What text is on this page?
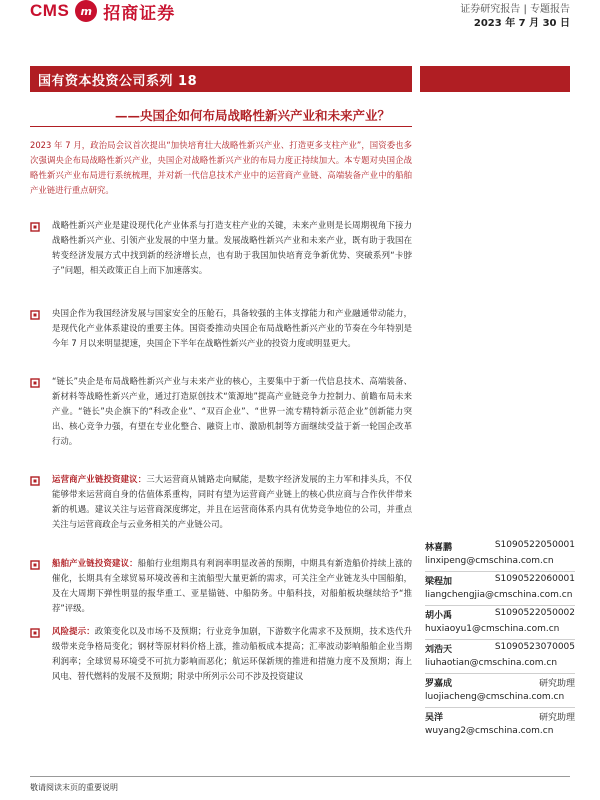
CMS	m 招商证券	证券研究报告 | 专题报告
2023 年 7 月 30 日
国有资本投资公司系列 18
——央国企如何布局战略性新兴产业和未来产业？
2023 年 7 月，政治局会议首次提出“加快培育壮大战略性新兴产业、打造更多支柱产业”，国资委也多次强调央企布局战略性新兴产业，央国企对战略性新兴产业的布局力度正持续加大。本专题对央国企战略性新兴产业布局进行系统梳理，并对新一代信息技术产业中的运营商产业链、高端装备产业中的船舶产业链进行重点研究。
战略性新兴产业是建设现代化产业体系与打造支柱产业的关键，未来产业则是长周期视角下接力战略性新兴产业、引领产业发展的中坚力量。发展战略性新兴产业和未来产业，既有助于我国在转变经济发展方式中找到新的经济增长点，也有助于我国加快培育竞争新优势、突破系列“卡脖子”问题，相关政策正自上而下加速落实。
央国企作为我国经济发展与国家安全的压舱石，具备较强的主体支撑能力和产业融通带动能力，是现代化产业体系建设的重要主体。国资委推动央国企布局战略性新兴产业的节奏在今年特别是今年 7 月以来明显提速，央国企下半年在战略性新兴产业的投资力度或明显更大。
“链长”央企是布局战略性新兴产业与未来产业的核心，主要集中于新一代信息技术、高端装备、新材料等战略性新兴产业，通过打造原创技术“策源地”提高产业链竞争力控制力、前瞻布局未来产业。“链长”央企旗下的“科改企业”、“双百企业”、“世界一流专精特新示范企业”创新能力突出、核心竞争力强，有望在专业化整合、融资上市、激励机制等方面继续受益于新一轮国企改革行动。
运营商产业链投资建议：三大运营商从铺路走向赋能，是数字经济发展的主力军和排头兵，不仅能够带来运营商自身的估值体系重构，同时有望为运营商产业链上的核心供应商与合作伙伴带来新的机遇。建议关注与运营商深度绑定，并且在运营商体系内具有优势竞争地位的公司，并重点关注与运营商政企与云业务相关的产业链公司。
船舶产业链投资建议：船舶行业组期具有利润率明显改善的预期，中期具有新造船价持续上涨的催化，长期具有全球贸易环境改善和主流船型大量更新的需求，可关注全产业链龙头中国船舶，及在大周期下弹性明显的报华重工、亚星锚链、中船防务。中船科技，对船舶板块继续给予“推荐”评级。
风险提示：政策变化以及市场不及预期；行业竞争加剧，下游数字化需求不及预期，技术迭代升级带来竞争格局变化；钢材等原材料价格上涨，推动船板成本提高；汇率波动影响船舶企业当期利润率；全球贸易环境受不可抗力影响而恶化；航运环保新规的推进和措施力度不及预期；海上风电、替代燃料的发展不及预期；附录中所列示公司不涉及投资建议
林喜鹏	S1090522050001
linxipeng@cmschina.com.cn
梁程加	S1090522060001
liangchengjia@cmschina.com.cn
胡小禹	S1090522050002
huxiaoyu1@cmschina.com.cn
刘浩天	S1090523070005
liuhaotian@cmschina.com.cn
罗嘉成	研究助理
luojiacheng@cmschina.com.cn
吴洋	研究助理
wuyang2@cmschina.com.cn
敬请阅读末页的重要说明
